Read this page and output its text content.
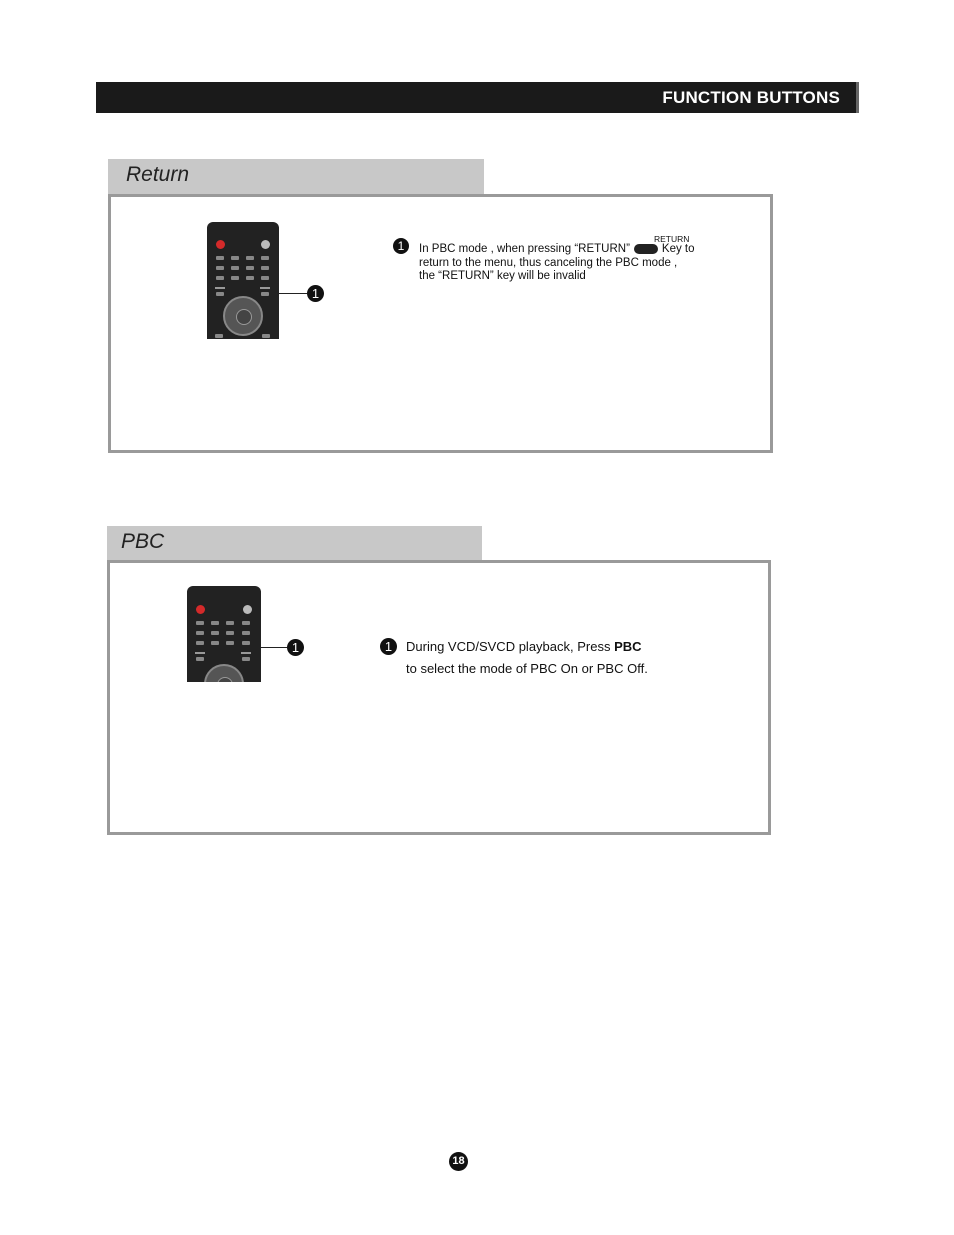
FUNCTION BUTTONS
Return
1
1	RETURN
In PBC mode , when pressing “RETURN”	Key to
return to the menu, thus canceling the PBC mode ,
the “RETURN” key will be invalid
PBC
1	1	During VCD/SVCD playback, Press PBC
to select the mode of PBC On or PBC Off.
18
